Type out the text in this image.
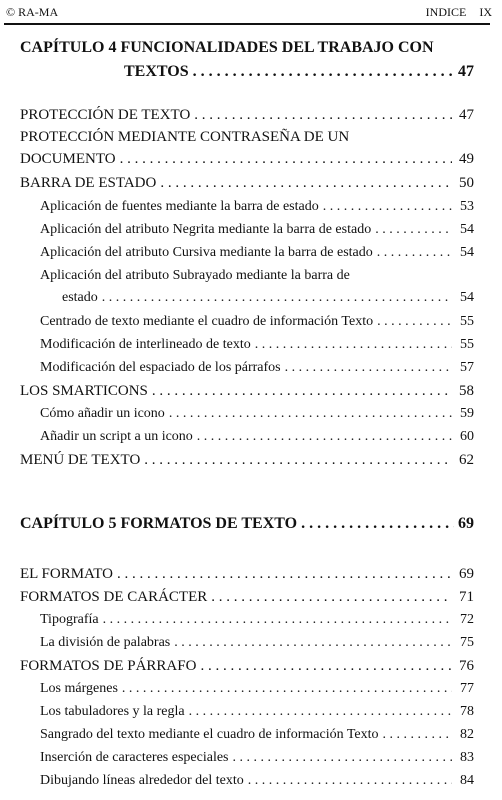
© RA-MA	INDICE IX
CAPÍTULO 4 FUNCIONALIDADES DEL TRABAJO CON
TEXTOS . . .	47
PROTECCIÓN DE TEXTO . . .	47
PROTECCIÓN MEDIANTE CONTRASEÑA DE UN
DOCUMENTO . . .	49
BARRA DE ESTADO . . .	50
Aplicación de fuentes mediante la barra de estado . . .	53
Aplicación del atributo Negrita mediante la barra de estado . . .	54
Aplicación del atributo Cursiva mediante la barra de estado . . .	54
Aplicación del atributo Subrayado mediante la barra de
estado . . .	54
Centrado de texto mediante el cuadro de información Texto . . .	55
Modificación de interlineado de texto . . .	55
Modificación del espaciado de los párrafos . . .	57
LOS SMARTICONS . . .	58
Cómo añadir un icono . . .	59
Añadir un script a un icono . . .	60
MENÚ DE TEXTO . . .	62
CAPÍTULO 5 FORMATOS DE TEXTO . . .	69
EL FORMATO . . .	69
FORMATOS DE CARÁCTER . . .	71
Tipografía . . .	72
La división de palabras . . .	75
FORMATOS DE PÁRRAFO . . .	76
Los márgenes . . .	77
Los tabuladores y la regla . . .	78
Sangrado del texto mediante el cuadro de información Texto . . .	82
Inserción de caracteres especiales . . .	83
Dibujando líneas alrededor del texto . . .	84
